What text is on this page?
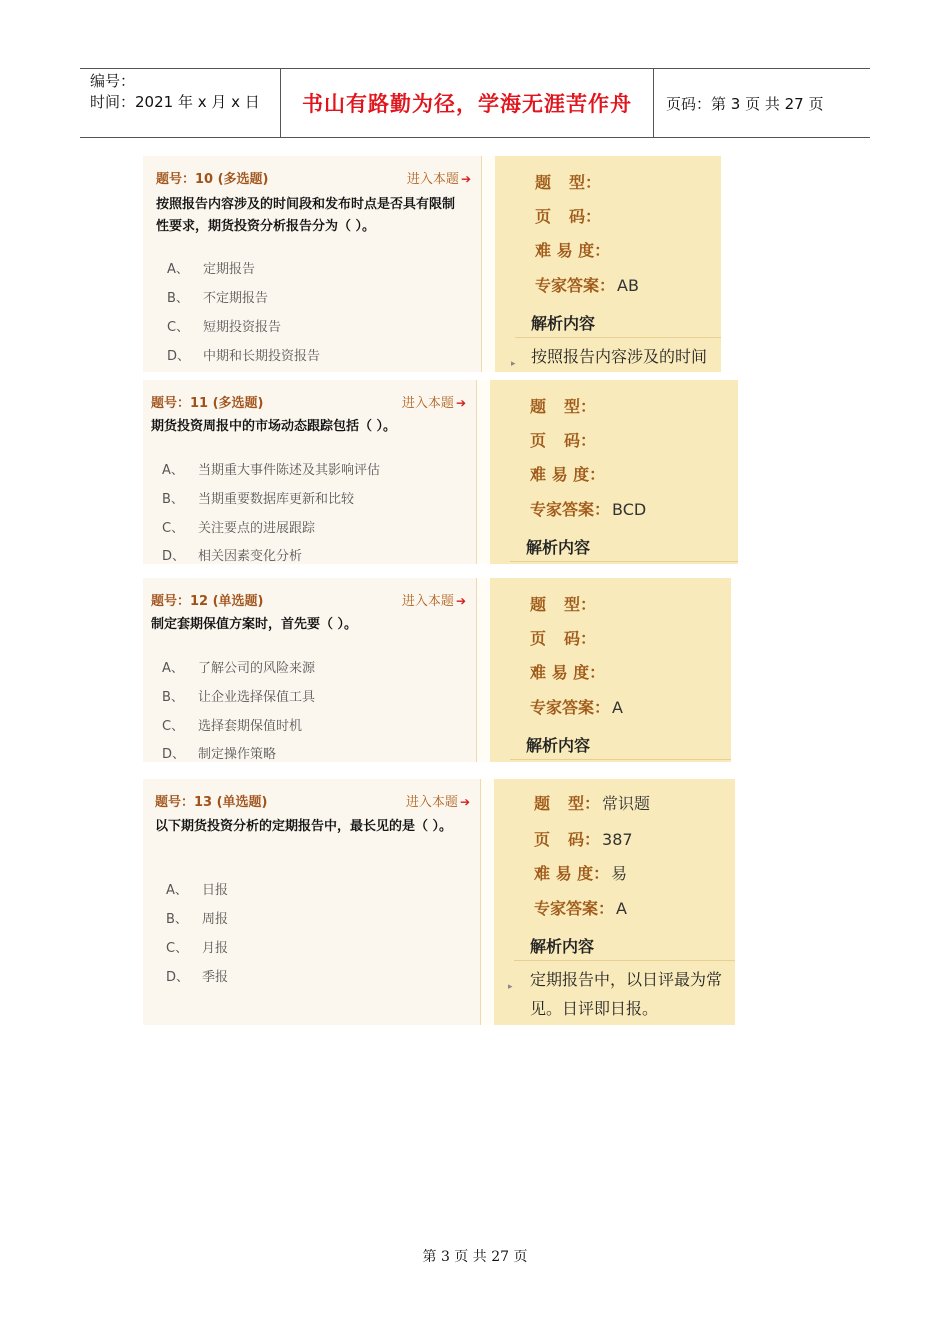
编号：
时间：2021 年 x 月 x 日	书山有路勤为径，学海无涯苦作舟	页码：第 3 页 共 27 页
题号：10 (多选题)	进入本题 ➔
按照报告内容涉及的时间段和发布时点是否具有限制性要求，期货投资分析报告分为（ ）。
A、 定期报告
B、 不定期报告
C、 短期投资报告
D、 中期和长期投资报告
题 型：
页 码：
难 易 度：
专家答案： AB
解析内容
▸ 按照报告内容涉及的时间
题号：11 (多选题)	进入本题 ➔
期货投资周报中的市场动态跟踪包括（ ）。
A、 当期重大事件陈述及其影响评估
B、 当期重要数据库更新和比较
C、 关注要点的进展跟踪
D、 相关因素变化分析
题 型：
页 码：
难 易 度：
专家答案： BCD
解析内容
题号：12 (单选题)	进入本题 ➔
制定套期保值方案时，首先要（ ）。
A、 了解公司的风险来源
B、 让企业选择保值工具
C、 选择套期保值时机
D、 制定操作策略
题 型：
页 码：
难 易 度：
专家答案： A
解析内容
题号：13 (单选题)	进入本题 ➔
以下期货投资分析的定期报告中，最长见的是（ ）。
A、 日报
B、 周报
C、 月报
D、 季报
题 型： 常识题
页 码： 387
难 易 度： 易
专家答案： A
解析内容
▸ 定期报告中，以日评最为常见。日评即日报。
第 3 页 共 27 页
